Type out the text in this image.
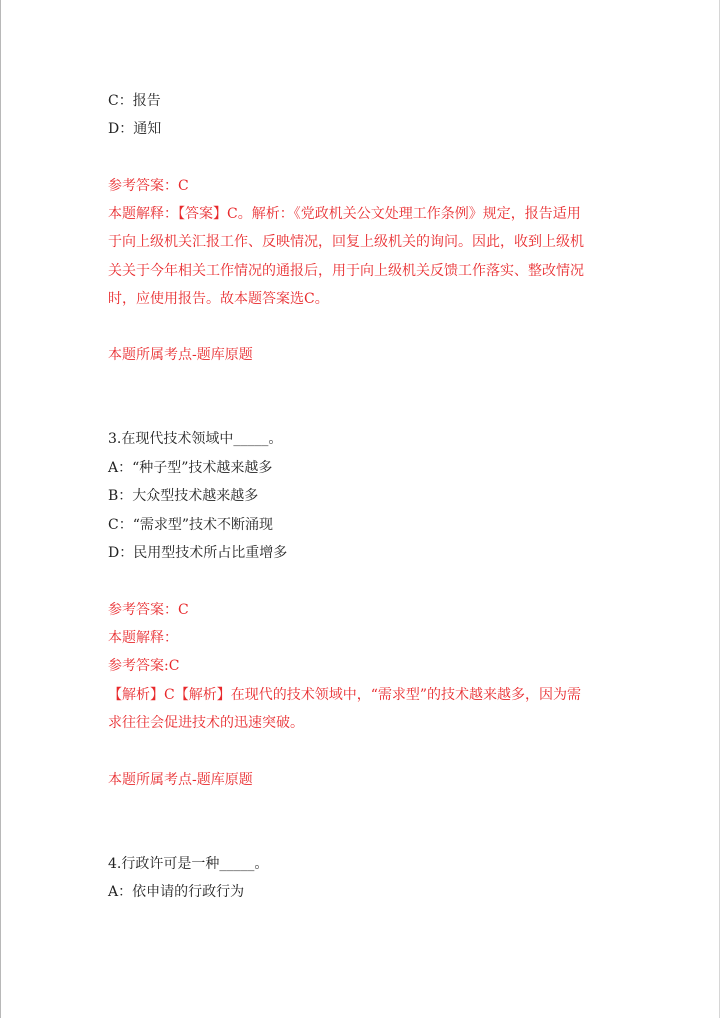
C：报告

D：通知

参考答案：C

本题解释：【答案】C。解析：《党政机关公文处理工作条例》规定，报告适用

于向上级机关汇报工作、反映情况，回复上级机关的询问。因此，收到上级机

关关于今年相关工作情况的通报后，用于向上级机关反馈工作落实、整改情况

时，应使用报告。故本题答案选C。

本题所属考点-题库原题

3.在现代技术领域中_____。

A：“种子型”技术越来越多

B：大众型技术越来越多

C：“需求型”技术不断涌现

D：民用型技术所占比重增多

参考答案：C

本题解释：

参考答案:C

【解析】C【解析】在现代的技术领域中，“需求型”的技术越来越多，因为需

求往往会促进技术的迅速突破。

本题所属考点-题库原题

4.行政许可是一种_____。

A：依申请的行政行为
